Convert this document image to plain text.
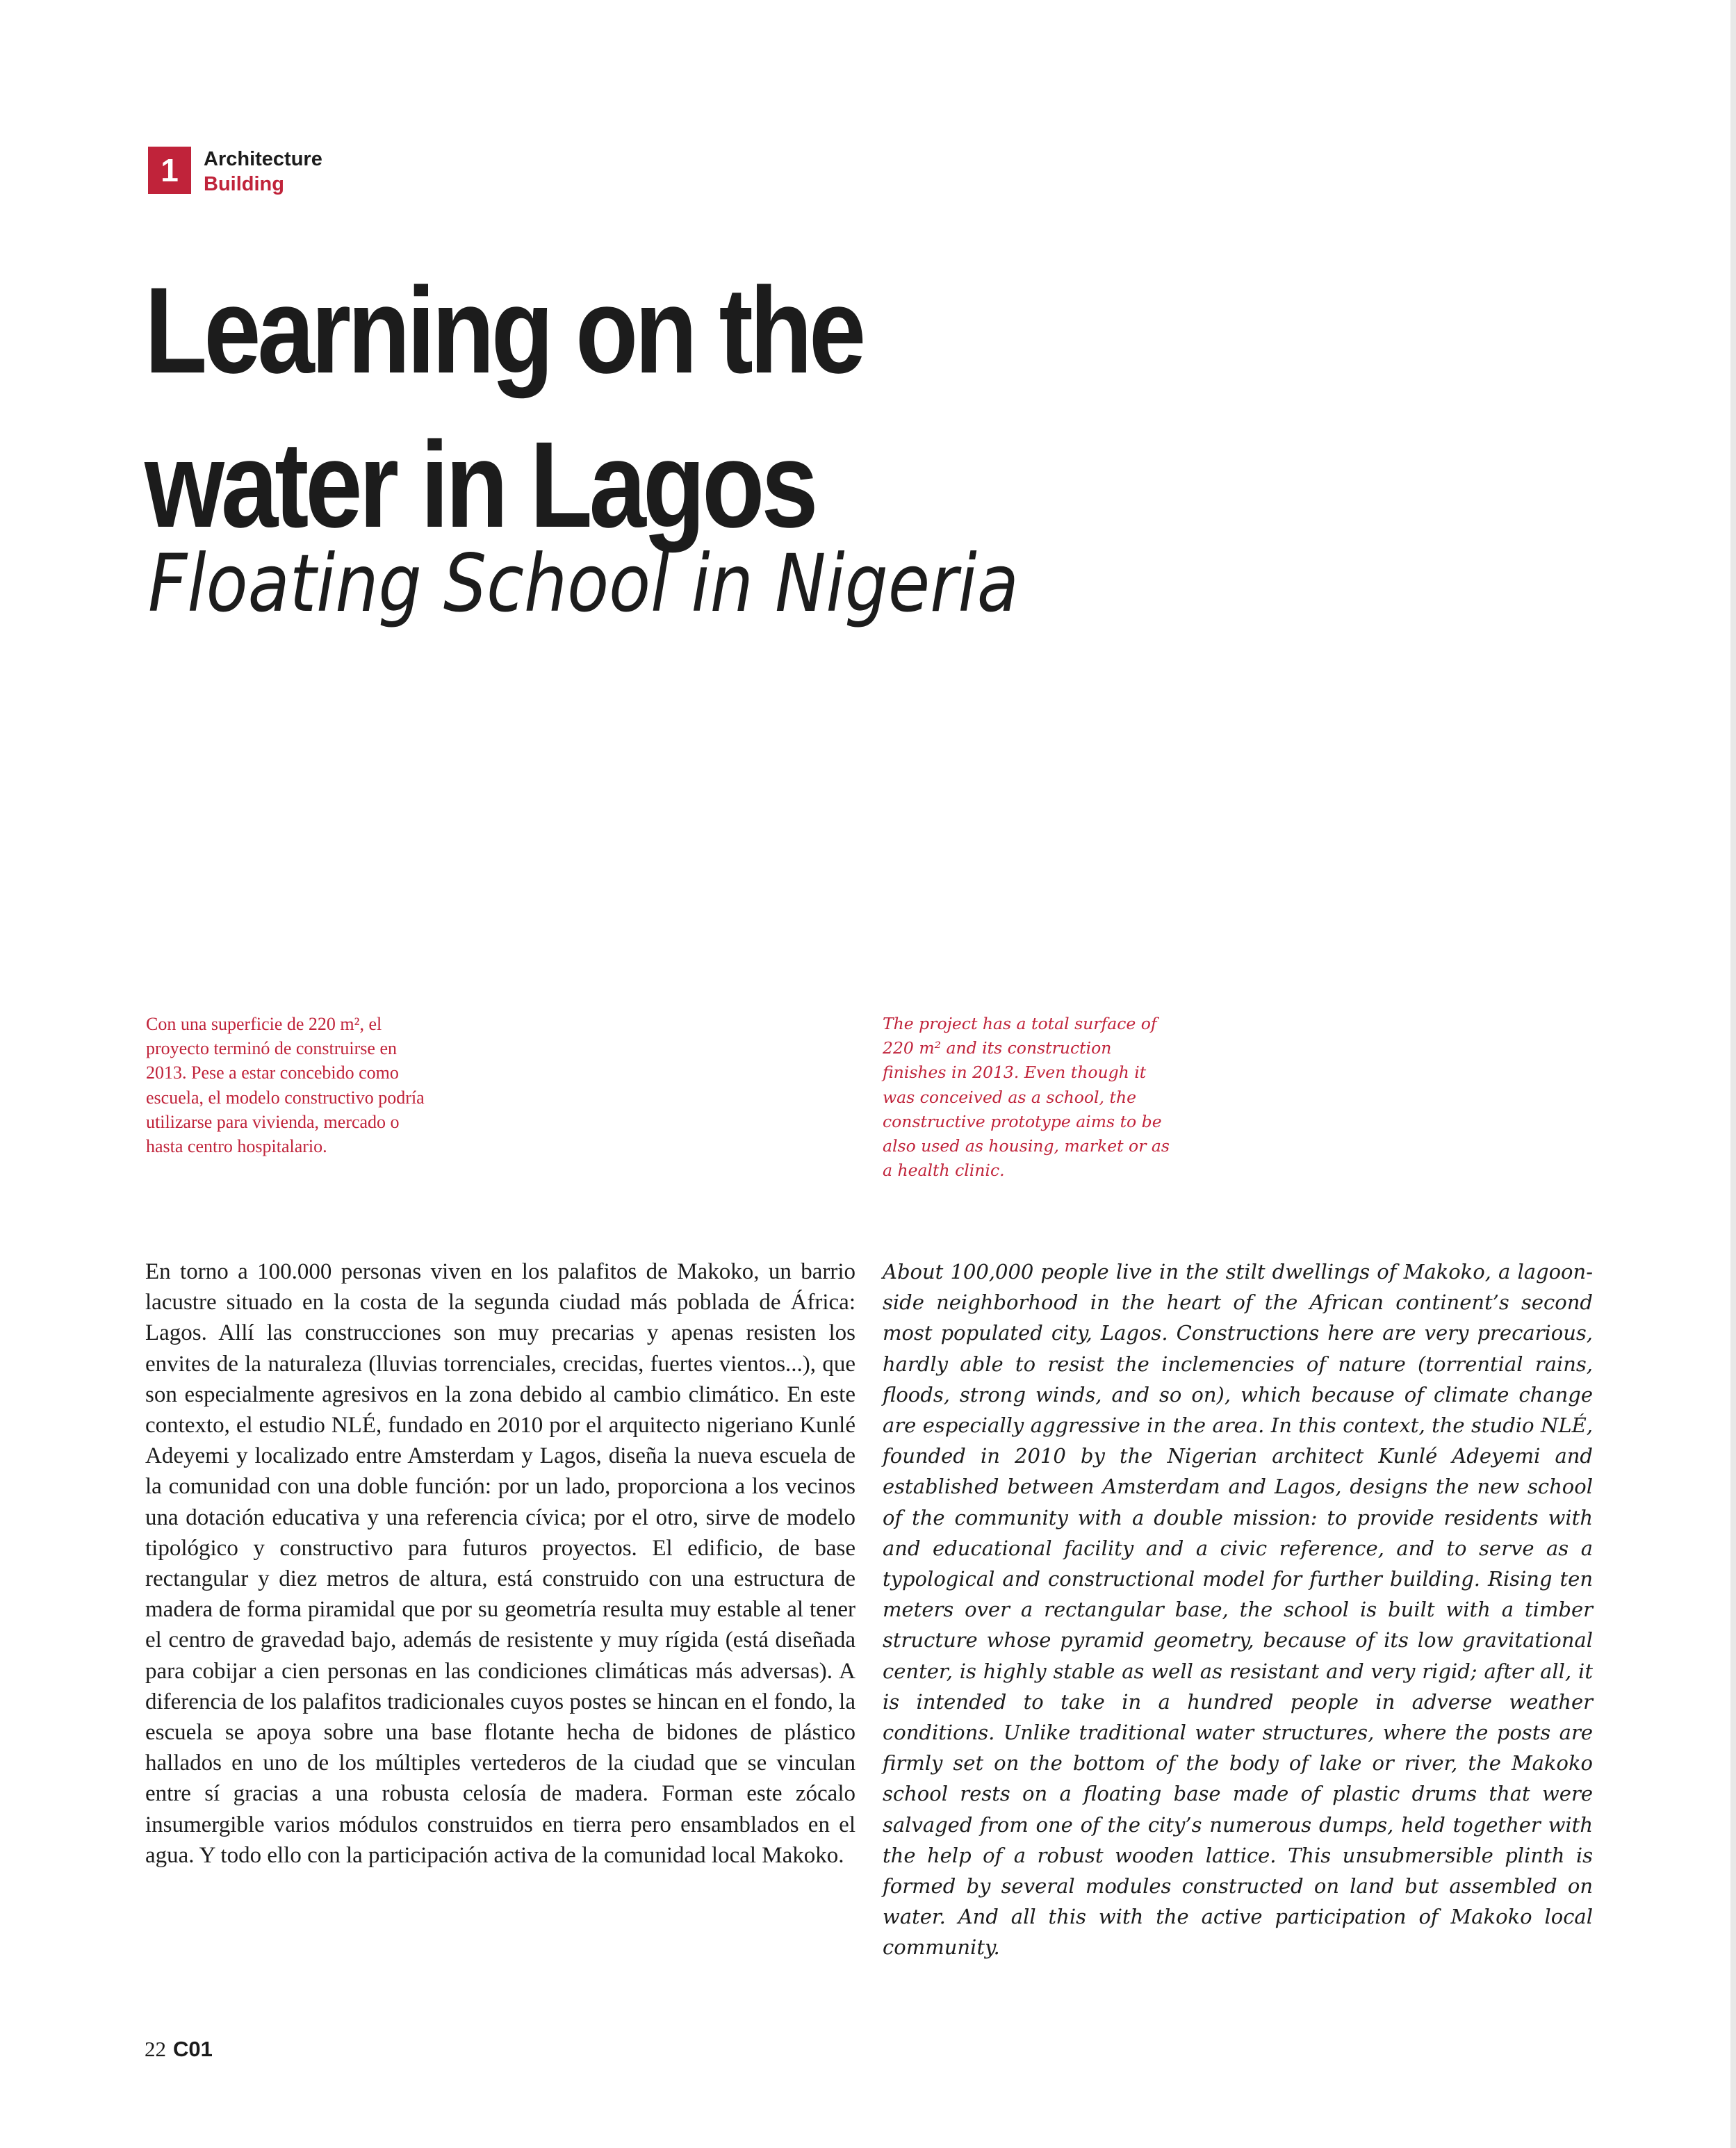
1	Architecture
Building
Learning on the
water in Lagos
Floating School in Nigeria

Con una superficie de 220 m², el proyecto terminó de construirse en 2013. Pese a estar concebido como escuela, el modelo constructivo podría utilizarse para vivienda, mercado o hasta centro hospitalario.

The project has a total surface of 220 m² and its construction finishes in 2013. Even though it was conceived as a school, the constructive prototype aims to be also used as housing, market or as a health clinic.

En torno a 100.000 personas viven en los palafitos de Makoko, un barrio lacustre situado en la costa de la segunda ciudad más poblada de África: Lagos. Allí las construcciones son muy precarias y apenas resisten los envites de la naturaleza (lluvias torrenciales, crecidas, fuertes vientos...), que son especialmente agresivos en la zona debido al cambio climático. En este contexto, el estudio NLÉ, fundado en 2010 por el arquitecto nigeriano Kunlé Adeyemi y localizado entre Amsterdam y Lagos, diseña la nueva escuela de la comunidad con una doble función: por un lado, proporciona a los vecinos una dotación educativa y una referencia cívica; por el otro, sirve de modelo tipológico y constructivo para futuros proyectos. El edificio, de base rectangular y diez metros de altura, está construido con una estructura de madera de forma piramidal que por su geometría resulta muy estable al tener el centro de gravedad bajo, además de resistente y muy rígida (está diseñada para cobijar a cien personas en las condiciones climáticas más adversas). A diferencia de los palafitos tradicionales cuyos postes se hincan en el fondo, la escuela se apoya sobre una base flotante hecha de bidones de plástico hallados en uno de los múltiples vertederos de la ciudad que se vinculan entre sí gracias a una robusta celosía de madera. Forman este zócalo insumergible varios módulos construidos en tierra pero ensamblados en el agua. Y todo ello con la participación activa de la comunidad local Makoko.

About 100,000 people live in the stilt dwellings of Makoko, a lagoon-side neighborhood in the heart of the African continent’s second most populated city, Lagos. Constructions here are very precarious, hardly able to resist the inclemencies of nature (torrential rains, floods, strong winds, and so on), which because of climate change are especially aggressive in the area. In this context, the studio NLÉ, founded in 2010 by the Nigerian architect Kunlé Adeyemi and established between Amsterdam and Lagos, designs the new school of the community with a double mission: to provide residents with and educational facility and a civic reference, and to serve as a typological and constructional model for further building. Rising ten meters over a rectangular base, the school is built with a timber structure whose pyramid geometry, because of its low gravitational center, is highly stable as well as resistant and very rigid; after all, it is intended to take in a hundred people in adverse weather conditions. Unlike traditional water structures, where the posts are firmly set on the bottom of the body of lake or river, the Makoko school rests on a floating base made of plastic drums that were salvaged from one of the city’s numerous dumps, held together with the help of a robust wooden lattice. This unsubmersible plinth is formed by several modules constructed on land but assembled on water. And all this with the active participation of Makoko local community.

22 C01
